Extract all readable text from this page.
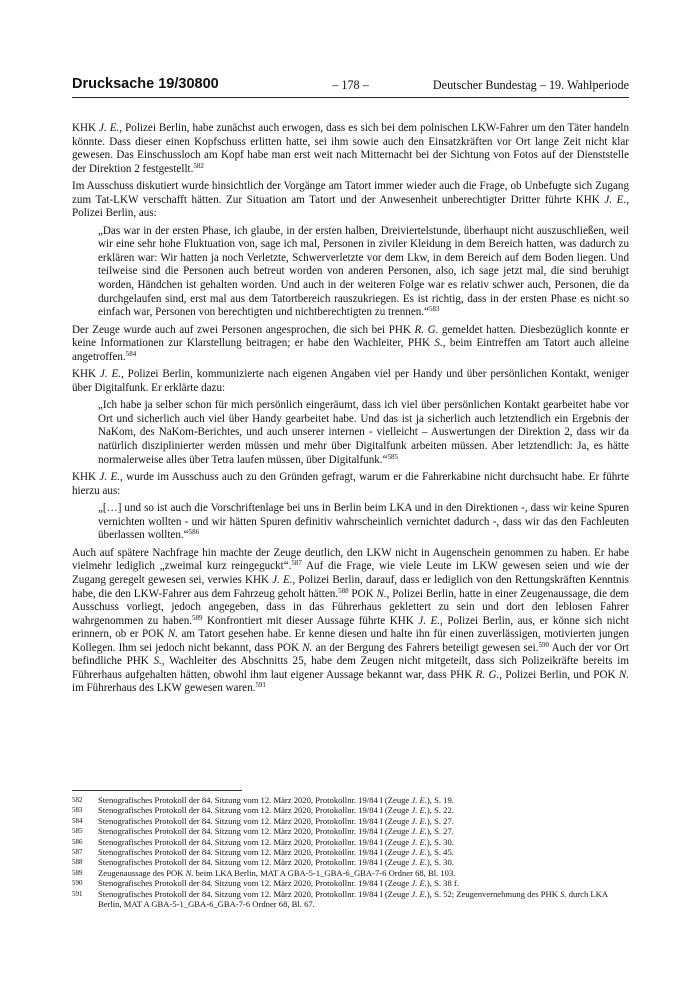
Drucksache 19/30800	– 178 –	Deutscher Bundestag – 19. Wahlperiode

KHK J. E., Polizei Berlin, habe zunächst auch erwogen, dass es sich bei dem polnischen LKW-Fahrer um den Täter handeln könnte. Dass dieser einen Kopfschuss erlitten hatte, sei ihm sowie auch den Einsatzkräften vor Ort lange Zeit nicht klar gewesen. Das Einschussloch am Kopf habe man erst weit nach Mitternacht bei der Sichtung von Fotos auf der Dienststelle der Direktion 2 festgestellt.$^{582}$

Im Ausschuss diskutiert wurde hinsichtlich der Vorgänge am Tatort immer wieder auch die Frage, ob Unbefugte sich Zugang zum Tat-LKW verschafft hätten. Zur Situation am Tatort und der Anwesenheit unberechtigter Dritter führte KHK J. E., Polizei Berlin, aus:

„Das war in der ersten Phase, ich glaube, in der ersten halben, Dreiviertelstunde, überhaupt nicht auszuschließen, weil wir eine sehr hohe Fluktuation von, sage ich mal, Personen in ziviler Kleidung in dem Bereich hatten, was dadurch zu erklären war: Wir hatten ja noch Verletzte, Schwerverletzte vor dem Lkw, in dem Bereich auf dem Boden liegen. Und teilweise sind die Personen auch betreut worden von anderen Personen, also, ich sage jetzt mal, die sind beruhigt worden, Händchen ist gehalten worden. Und auch in der weiteren Folge war es relativ schwer auch, Personen, die da durchgelaufen sind, erst mal aus dem Tatortbereich rauszukriegen. Es ist richtig, dass in der ersten Phase es nicht so einfach war, Personen von berechtigten und nichtberechtigten zu trennen.“$^{583}$

Der Zeuge wurde auch auf zwei Personen angesprochen, die sich bei PHK R. G. gemeldet hatten. Diesbezüglich konnte er keine Informationen zur Klarstellung beitragen; er habe den Wachleiter, PHK S., beim Eintreffen am Tatort auch alleine angetroffen.$^{584}$

KHK J. E., Polizei Berlin, kommunizierte nach eigenen Angaben viel per Handy und über persönlichen Kontakt, weniger über Digitalfunk. Er erklärte dazu:

„Ich habe ja selber schon für mich persönlich eingeräumt, dass ich viel über persönlichen Kontakt gearbeitet habe vor Ort und sicherlich auch viel über Handy gearbeitet habe. Und das ist ja sicherlich auch letztendlich ein Ergebnis der NaKom, des NaKom-Berichtes, und auch unserer internen - vielleicht – Auswertungen der Direktion 2, dass wir da natürlich disziplinierter werden müssen und mehr über Digitalfunk arbeiten müssen. Aber letztendlich: Ja, es hätte normalerweise alles über Tetra laufen müssen, über Digitalfunk.“$^{585}$

KHK J. E., wurde im Ausschuss auch zu den Gründen gefragt, warum er die Fahrerkabine nicht durchsucht habe. Er führte hierzu aus:

„[…] und so ist auch die Vorschriftenlage bei uns in Berlin beim LKA und in den Direktionen -, dass wir keine Spuren vernichten wollten - und wir hätten Spuren definitiv wahrscheinlich vernichtet dadurch -, dass wir das den Fachleuten überlassen wollten.“$^{586}$

Auch auf spätere Nachfrage hin machte der Zeuge deutlich, den LKW nicht in Augenschein genommen zu haben. Er habe vielmehr lediglich „zweimal kurz reingeguckt“.$^{587}$ Auf die Frage, wie viele Leute im LKW gewesen seien und wie der Zugang geregelt gewesen sei, verwies KHK J. E., Polizei Berlin, darauf, dass er lediglich von den Rettungskräften Kenntnis habe, die den LKW-Fahrer aus dem Fahrzeug geholt hätten.$^{588}$ POK N., Polizei Berlin, hatte in einer Zeugenaussage, die dem Ausschuss vorliegt, jedoch angegeben, dass in das Führerhaus geklettert zu sein und dort den leblosen Fahrer wahrgenommen zu haben.$^{589}$ Konfrontiert mit dieser Aussage führte KHK J. E., Polizei Berlin, aus, er könne sich nicht erinnern, ob er POK N. am Tatort gesehen habe. Er kenne diesen und halte ihn für einen zuverlässigen, motivierten jungen Kollegen. Ihm sei jedoch nicht bekannt, dass POK N. an der Bergung des Fahrers beteiligt gewesen sei.$^{590}$ Auch der vor Ort befindliche PHK S., Wachleiter des Abschnitts 25, habe dem Zeugen nicht mitgeteilt, dass sich Polizeikräfte bereits im Führerhaus aufgehalten hätten, obwohl ihm laut eigener Aussage bekannt war, dass PHK R. G., Polizei Berlin, und POK N. im Führerhaus des LKW gewesen waren.$^{591}$

582	Stenografisches Protokoll der 84. Sitzung vom 12. März 2020, Protokollnr. 19/84 I (Zeuge J. E.), S. 19.
583	Stenografisches Protokoll der 84. Sitzung vom 12. März 2020, Protokollnr. 19/84 I (Zeuge J. E.), S. 22.
584	Stenografisches Protokoll der 84. Sitzung vom 12. März 2020, Protokollnr. 19/84 I (Zeuge J. E.), S. 27.
585	Stenografisches Protokoll der 84. Sitzung vom 12. März 2020, Protokollnr. 19/84 I (Zeuge J. E.), S. 27.
586	Stenografisches Protokoll der 84. Sitzung vom 12. März 2020, Protokollnr. 19/84 I (Zeuge J. E.), S. 30.
587	Stenografisches Protokoll der 84. Sitzung vom 12. März 2020, Protokollnr. 19/84 I (Zeuge J. E.), S. 45.
588	Stenografisches Protokoll der 84. Sitzung vom 12. März 2020, Protokollnr. 19/84 I (Zeuge J. E.), S. 30.
589	Zeugenaussage des POK N. beim LKA Berlin, MAT A GBA-5-1_GBA-6_GBA-7-6 Ordner 68, Bl. 103.
590	Stenografisches Protokoll der 84. Sitzung vom 12. März 2020, Protokollnr. 19/84 I (Zeuge J. E.), S. 38 f.
591	Stenografisches Protokoll der 84. Sitzung vom 12. März 2020, Protokollnr. 19/84 I (Zeuge J. E.), S. 52; Zeugenvernehmung des PHK S. durch LKA Berlin, MAT A GBA-5-1_GBA-6_GBA-7-6 Ordner 68, Bl. 67.
